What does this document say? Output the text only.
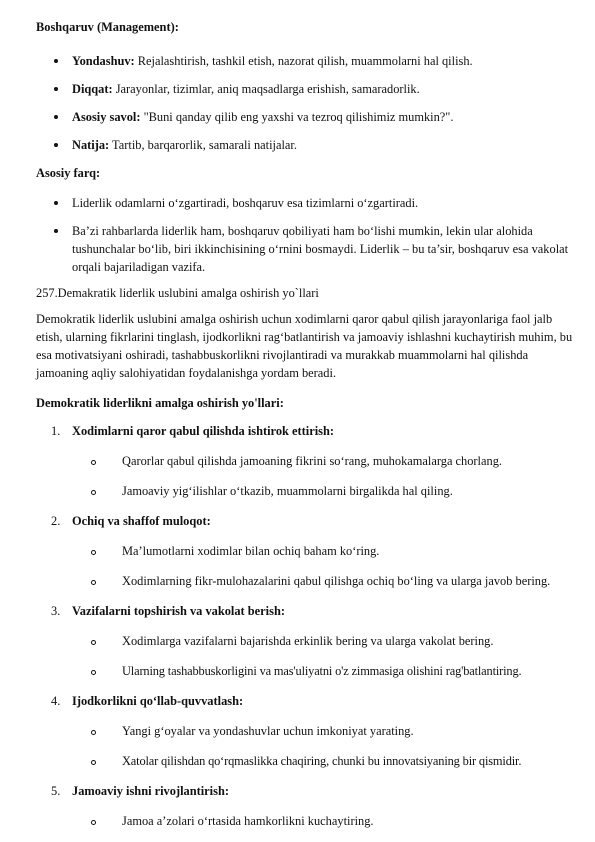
Boshqaruv (Management):

Yondashuv: Rejalashtirish, tashkil etish, nazorat qilish, muammolarni hal qilish.
Diqqat: Jarayonlar, tizimlar, aniq maqsadlarga erishish, samaradorlik.
Asosiy savol: "Buni qanday qilib eng yaxshi va tezroq qilishimiz mumkin?".
Natija: Tartib, barqarorlik, samarali natijalar.

Asosiy farq:

Liderlik odamlarni o‘zgartiradi, boshqaruv esa tizimlarni o‘zgartiradi.
Ba’zi rahbarlarda liderlik ham, boshqaruv qobiliyati ham bo‘lishi mumkin, lekin ular alohida tushunchalar bo‘lib, biri ikkinchisining o‘rnini bosmaydi. Liderlik – bu ta’sir, boshqaruv esa vakolat orqali bajariladigan vazifa.

257.Demakratik liderlik uslubini amalga oshirish yo`llari

Demokratik liderlik uslubini amalga oshirish uchun xodimlarni qaror qabul qilish jarayonlariga faol jalb etish, ularning fikrlarini tinglash, ijodkorlikni rag‘batlantirish va jamoaviy ishlashni kuchaytirish muhim, bu esa motivatsiyani oshiradi, tashabbuskorlikni rivojlantiradi va murakkab muammolarni hal qilishda jamoaning aqliy salohiyatidan foydalanishga yordam beradi.

Demokratik liderlikni amalga oshirish yo'llari:

1. Xodimlarni qaror qabul qilishda ishtirok ettirish:
Qarorlar qabul qilishda jamoaning fikrini so‘rang, muhokamalarga chorlang.
Jamoaviy yig‘ilishlar o‘tkazib, muammolarni birgalikda hal qiling.
2. Ochiq va shaffof muloqot:
Ma’lumotlarni xodimlar bilan ochiq baham ko‘ring.
Xodimlarning fikr-mulohazalarini qabul qilishga ochiq bo‘ling va ularga javob bering.
3. Vazifalarni topshirish va vakolat berish:
Xodimlarga vazifalarni bajarishda erkinlik bering va ularga vakolat bering.
Ularning tashabbuskorligini va mas'uliyatni o'z zimmasiga olishini rag'batlantiring.
4. Ijodkorlikni qo‘llab-quvvatlash:
Yangi g‘oyalar va yondashuvlar uchun imkoniyat yarating.
Xatolar qilishdan qo‘rqmaslikka chaqiring, chunki bu innovatsiyaning bir qismidir.
5. Jamoaviy ishni rivojlantirish:
Jamoa a’zolari o‘rtasida hamkorlikni kuchaytiring.
